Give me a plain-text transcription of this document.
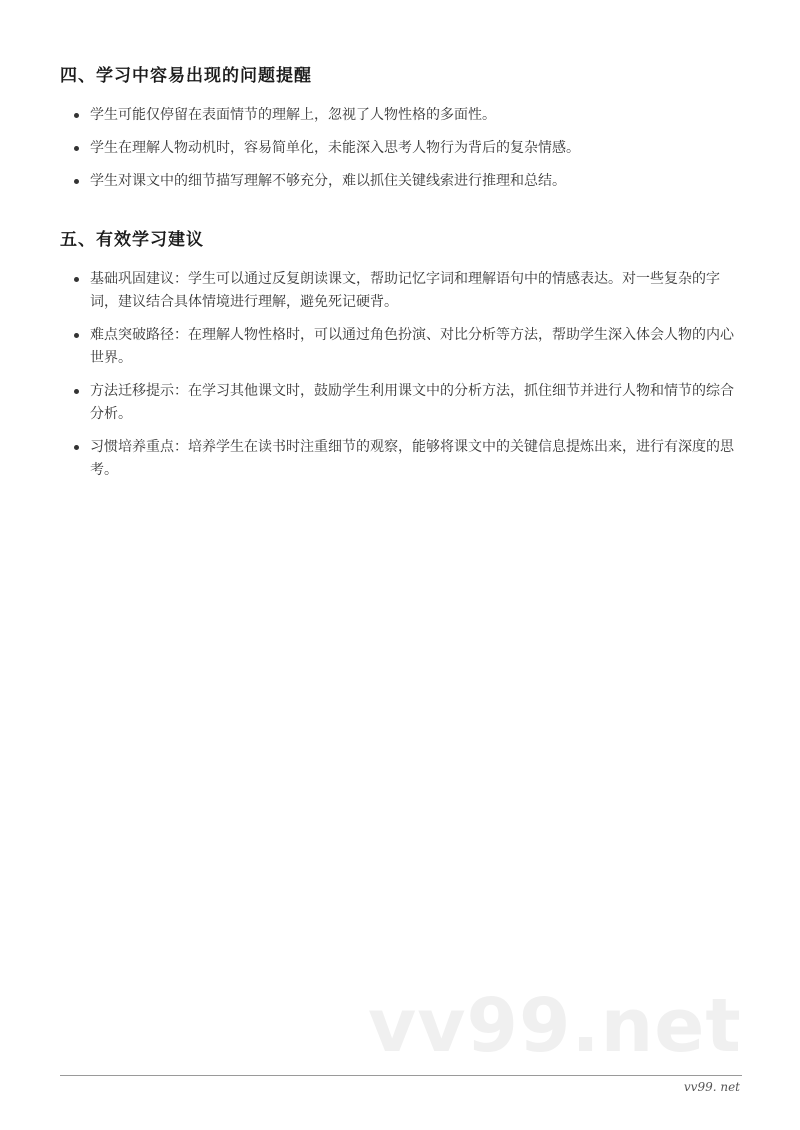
四、学习中容易出现的问题提醒
学生可能仅停留在表面情节的理解上，忽视了人物性格的多面性。
学生在理解人物动机时，容易简单化，未能深入思考人物行为背后的复杂情感。
学生对课文中的细节描写理解不够充分，难以抓住关键线索进行推理和总结。
五、有效学习建议
基础巩固建议：学生可以通过反复朗读课文，帮助记忆字词和理解语句中的情感表达。对一些复杂的字词，建议结合具体情境进行理解，避免死记硬背。
难点突破路径：在理解人物性格时，可以通过角色扮演、对比分析等方法，帮助学生深入体会人物的内心世界。
方法迁移提示：在学习其他课文时，鼓励学生利用课文中的分析方法，抓住细节并进行人物和情节的综合分析。
习惯培养重点：培养学生在读书时注重细节的观察，能够将课文中的关键信息提炼出来，进行有深度的思考。
vv99.net
vv99. net
